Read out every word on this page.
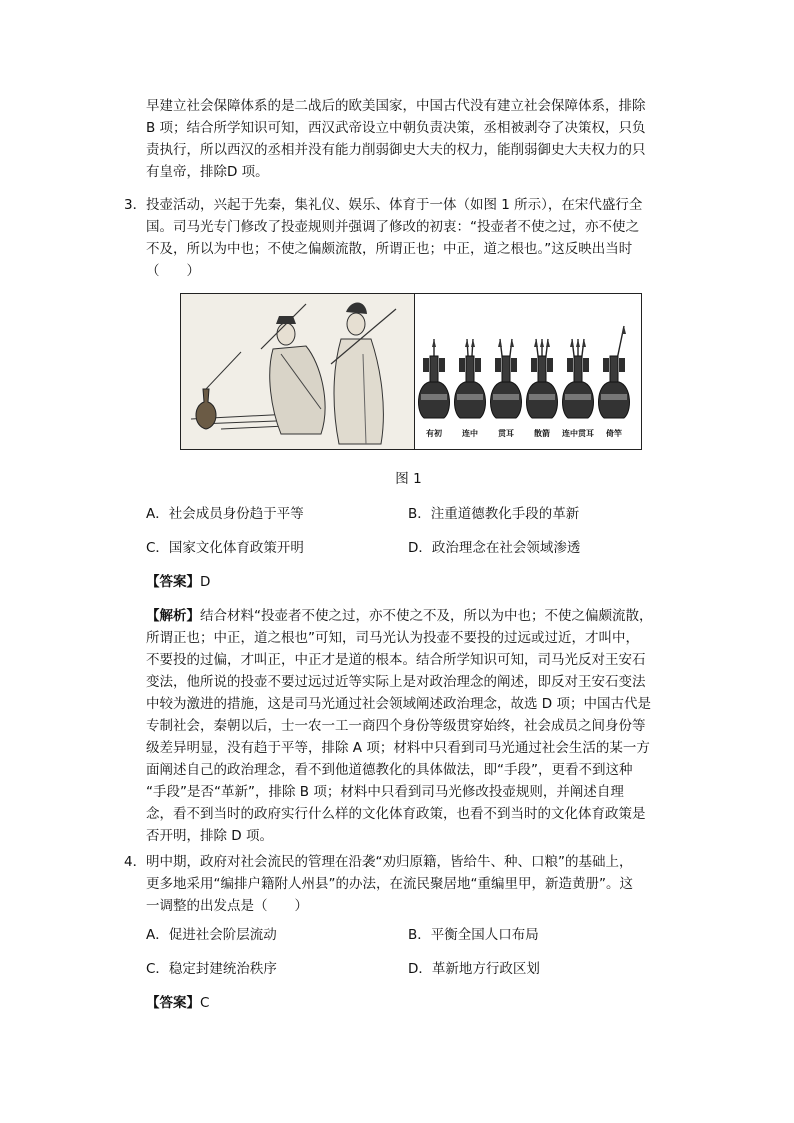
早建立社会保障体系的是二战后的欧美国家，中国古代没有建立社会保障体系，排除
B 项；结合所学知识可知，西汉武帝设立中朝负责决策，丞相被剥夺了决策权，只负
责执行，所以西汉的丞相并没有能力削弱御史大夫的权力，能削弱御史大夫权力的只
有皇帝，排除D 项。
3． 投壶活动，兴起于先秦，集礼仪、娱乐、体育于一体（如图 1 所示），在宋代盛行全
国。司马光专门修改了投壶规则并强调了修改的初衷：“投壶者不使之过，亦不使之
不及，所以为中也；不使之偏颇流散，所谓正也；中正，道之根也。”这反映出当时
（　　）
有初	连中	贯耳	散箭	连中贯耳	倚竿
图 1
A．社会成员身份趋于平等	B．注重道德教化手段的革新
C．国家文化体育政策开明	D．政治理念在社会领域渗透
【答案】D
【解析】结合材料“投壶者不使之过，亦不使之不及，所以为中也；不使之偏颇流散，
所谓正也；中正，道之根也”可知，司马光认为投壶不要投的过远或过近，才叫中，
不要投的过偏，才叫正，中正才是道的根本。结合所学知识可知，司马光反对王安石
变法，他所说的投壶不要过远过近等实际上是对政治理念的阐述，即反对王安石变法
中较为激进的措施，这是司马光通过社会领域阐述政治理念，故选 D 项；中国古代是
专制社会，秦朝以后，士一农一工一商四个身份等级贯穿始终，社会成员之间身份等
级差异明显，没有趋于平等，排除 A 项；材料中只看到司马光通过社会生活的某一方
面阐述自己的政治理念，看不到他道德教化的具体做法，即“手段”，更看不到这种
“手段”是否“革新”，排除 B 项；材料中只看到司马光修改投壶规则，并阐述自理
念，看不到当时的政府实行什么样的文化体育政策，也看不到当时的文化体育政策是
否开明，排除 D 项。
4． 明中期，政府对社会流民的管理在沿袭“劝归原籍，皆给牛、种、口粮”的基础上，
更多地采用“编排户籍附人州县”的办法，在流民聚居地“重编里甲，新造黄册”。这
一调整的出发点是（　　）
A．促进社会阶层流动	B．平衡全国人口布局
C．稳定封建统治秩序	D．革新地方行政区划
【答案】C
